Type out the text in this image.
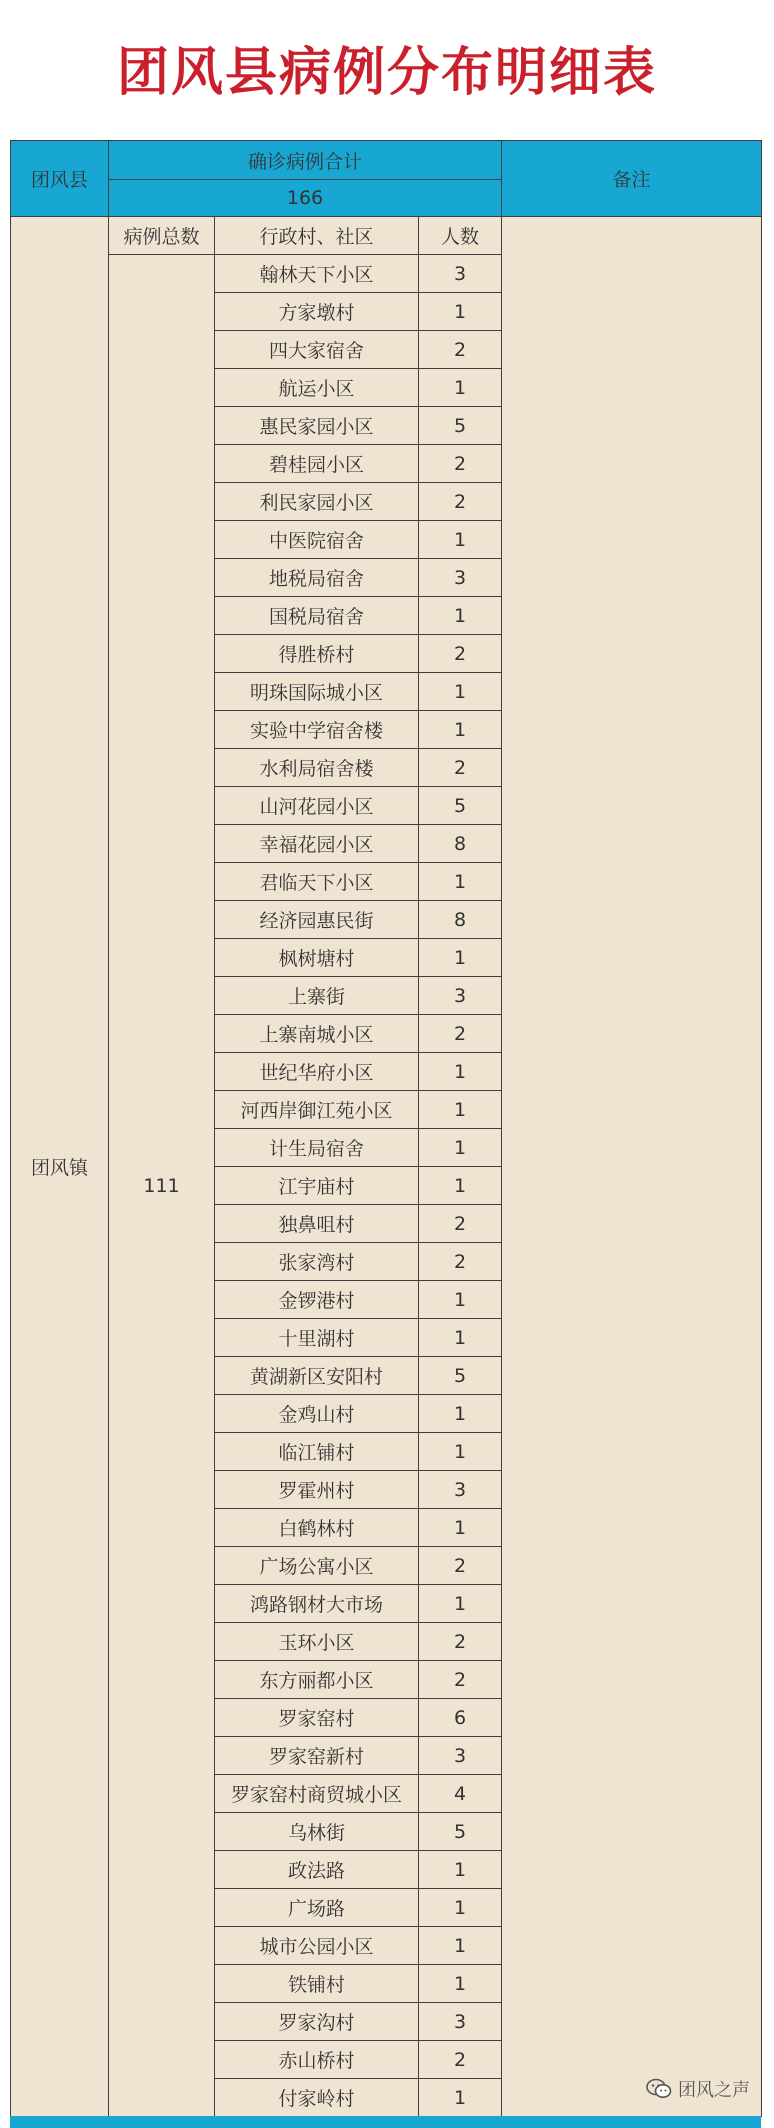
团风县病例分布明细表
团风县	确诊病例合计			备注
	166			
团风镇	病例总数	行政村、社区	人数	
	111	翰林天下小区	3	
		方家墩村	1	
		四大家宿舍	2	
		航运小区	1	
		惠民家园小区	5	
		碧桂园小区	2	
		利民家园小区	2	
		中医院宿舍	1	
		地税局宿舍	3	
		国税局宿舍	1	
		得胜桥村	2	
		明珠国际城小区	1	
		实验中学宿舍楼	1	
		水利局宿舍楼	2	
		山河花园小区	5	
		幸福花园小区	8	
		君临天下小区	1	
		经济园惠民街	8	
		枫树塘村	1	
		上寨街	3	
		上寨南城小区	2	
		世纪华府小区	1	
		河西岸御江苑小区	1	
		计生局宿舍	1	
		江宇庙村	1	
		独鼻咀村	2	
		张家湾村	2	
		金锣港村	1	
		十里湖村	1	
		黄湖新区安阳村	5	
		金鸡山村	1	
		临江铺村	1	
		罗霍州村	3	
		白鹤林村	1	
		广场公寓小区	2	
		鸿路钢材大市场	1	
		玉环小区	2	
		东方丽都小区	2	
		罗家窑村	6	
		罗家窑新村	3	
		罗家窑村商贸城小区	4	
		乌林街	5	
		政法路	1	
		广场路	1	
		城市公园小区	1	
		铁铺村	1	
		罗家沟村	3	
		赤山桥村	2	
		付家岭村	1		团风之声
